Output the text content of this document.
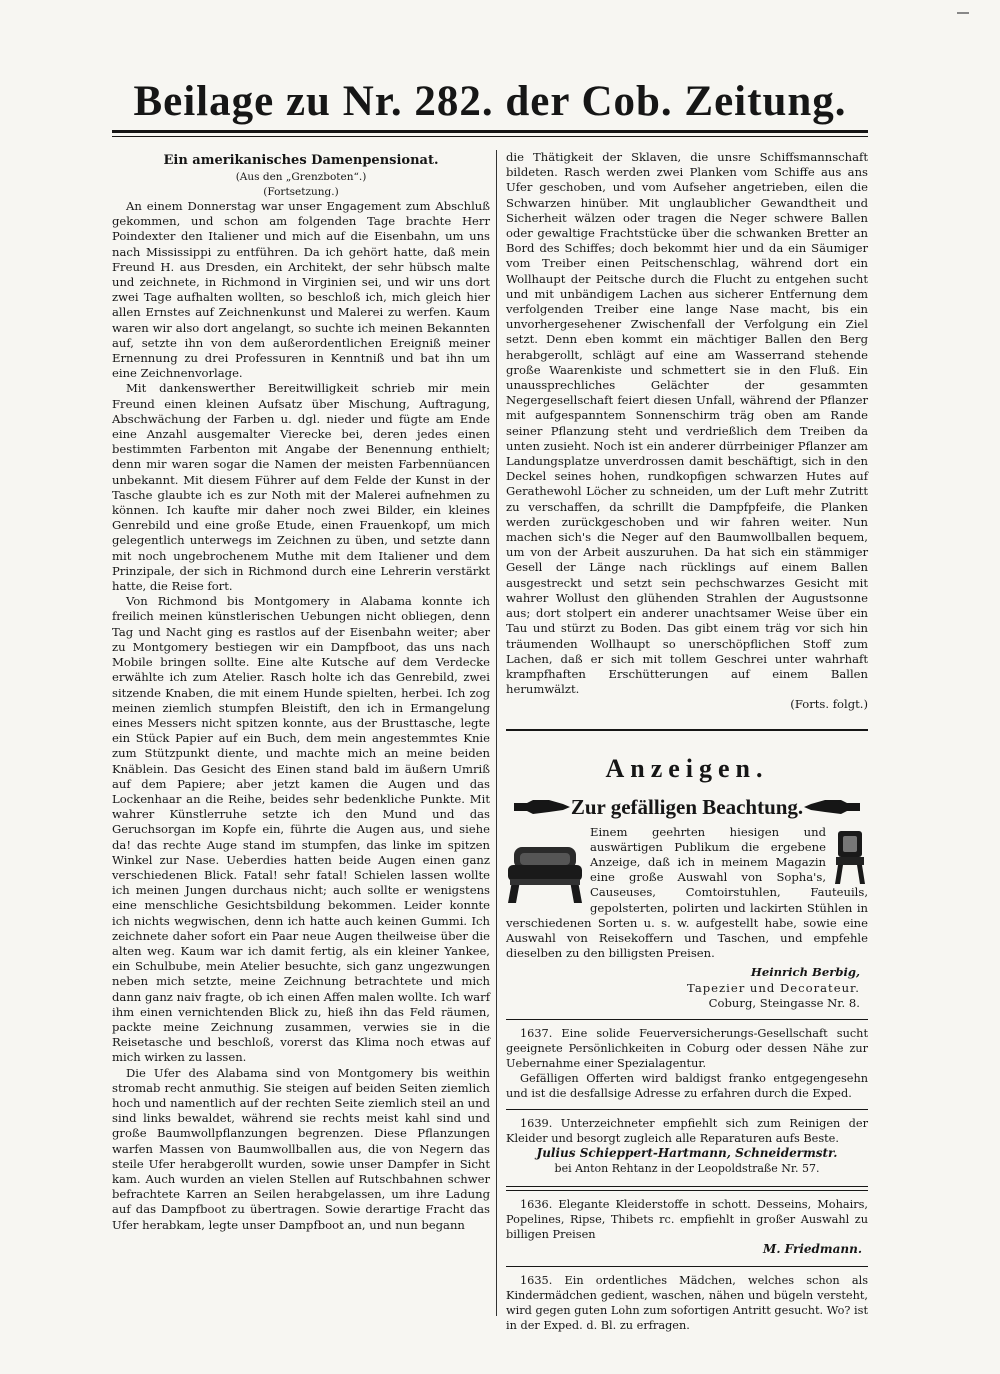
Beilage zu Nr. 282. der Cob. Zeitung.

Ein amerikanisches Damenpensionat.

(Aus den „Grenzboten“.)

(Fortsetzung.)

An einem Donnerstag war unser Engagement zum Abschluß gekommen, und schon am folgenden Tage brachte Herr Poindexter den Italiener und mich auf die Eisenbahn, um uns nach Mississippi zu entführen. Da ich gehört hatte, daß mein Freund H. aus Dresden, ein Architekt, der sehr hübsch malte und zeichnete, in Richmond in Virginien sei, und wir uns dort zwei Tage aufhalten wollten, so beschloß ich, mich gleich hier allen Ernstes auf Zeichnenkunst und Malerei zu werfen. Kaum waren wir also dort angelangt, so suchte ich meinen Bekannten auf, setzte ihn von dem außerordentlichen Ereigniß meiner Ernennung zu drei Professuren in Kenntniß und bat ihn um eine Zeichnenvorlage.

Mit dankenswerther Bereitwilligkeit schrieb mir mein Freund einen kleinen Aufsatz über Mischung, Auftragung, Abschwächung der Farben u. dgl. nieder und fügte am Ende eine Anzahl ausgemalter Vierecke bei, deren jedes einen bestimmten Farbenton mit Angabe der Benennung enthielt; denn mir waren sogar die Namen der meisten Farbennüancen unbekannt. Mit diesem Führer auf dem Felde der Kunst in der Tasche glaubte ich es zur Noth mit der Malerei aufnehmen zu können. Ich kaufte mir daher noch zwei Bilder, ein kleines Genrebild und eine große Etude, einen Frauenkopf, um mich gelegentlich unterwegs im Zeichnen zu üben, und setzte dann mit noch ungebrochenem Muthe mit dem Italiener und dem Prinzipale, der sich in Richmond durch eine Lehrerin verstärkt hatte, die Reise fort.

Von Richmond bis Montgomery in Alabama konnte ich freilich meinen künstlerischen Uebungen nicht obliegen, denn Tag und Nacht ging es rastlos auf der Eisenbahn weiter; aber zu Montgomery bestiegen wir ein Dampfboot, das uns nach Mobile bringen sollte. Eine alte Kutsche auf dem Verdecke erwählte ich zum Atelier. Rasch holte ich das Genrebild, zwei sitzende Knaben, die mit einem Hunde spielten, herbei. Ich zog meinen ziemlich stumpfen Bleistift, den ich in Ermangelung eines Messers nicht spitzen konnte, aus der Brusttasche, legte ein Stück Papier auf ein Buch, dem mein angestemmtes Knie zum Stützpunkt diente, und machte mich an meine beiden Knäblein. Das Gesicht des Einen stand bald im äußern Umriß auf dem Papiere; aber jetzt kamen die Augen und das Lockenhaar an die Reihe, beides sehr bedenkliche Punkte. Mit wahrer Künstlerruhe setzte ich den Mund und das Geruchsorgan im Kopfe ein, führte die Augen aus, und siehe da! das rechte Auge stand im stumpfen, das linke im spitzen Winkel zur Nase. Ueberdies hatten beide Augen einen ganz verschiedenen Blick. Fatal! sehr fatal! Schielen lassen wollte ich meinen Jungen durchaus nicht; auch sollte er wenigstens eine menschliche Gesichtsbildung bekommen. Leider konnte ich nichts wegwischen, denn ich hatte auch keinen Gummi. Ich zeichnete daher sofort ein Paar neue Augen theilweise über die alten weg. Kaum war ich damit fertig, als ein kleiner Yankee, ein Schulbube, mein Atelier besuchte, sich ganz ungezwungen neben mich setzte, meine Zeichnung betrachtete und mich dann ganz naiv fragte, ob ich einen Affen malen wollte. Ich warf ihm einen vernichtenden Blick zu, hieß ihn das Feld räumen, packte meine Zeichnung zusammen, verwies sie in die Reisetasche und beschloß, vorerst das Klima noch etwas auf mich wirken zu lassen.

Die Ufer des Alabama sind von Montgomery bis weithin stromab recht anmuthig. Sie steigen auf beiden Seiten ziemlich hoch und namentlich auf der rechten Seite ziemlich steil an und sind links bewaldet, während sie rechts meist kahl sind und große Baumwollpflanzungen begrenzen. Diese Pflanzungen warfen Massen von Baumwollballen aus, die von Negern das steile Ufer herabgerollt wurden, sowie unser Dampfer in Sicht kam. Auch wurden an vielen Stellen auf Rutschbahnen schwer befrachtete Karren an Seilen herabgelassen, um ihre Ladung auf das Dampfboot zu übertragen. Sowie derartige Fracht das Ufer herabkam, legte unser Dampfboot an, und nun begann

die Thätigkeit der Sklaven, die unsre Schiffsmannschaft bildeten. Rasch werden zwei Planken vom Schiffe aus ans Ufer geschoben, und vom Aufseher angetrieben, eilen die Schwarzen hinüber. Mit unglaublicher Gewandtheit und Sicherheit wälzen oder tragen die Neger schwere Ballen oder gewaltige Frachtstücke über die schwanken Bretter an Bord des Schiffes; doch bekommt hier und da ein Säumiger vom Treiber einen Peitschenschlag, während dort ein Wollhaupt der Peitsche durch die Flucht zu entgehen sucht und mit unbändigem Lachen aus sicherer Entfernung dem verfolgenden Treiber eine lange Nase macht, bis ein unvorhergesehener Zwischenfall der Verfolgung ein Ziel setzt. Denn eben kommt ein mächtiger Ballen den Berg herabgerollt, schlägt auf eine am Wasserrand stehende große Waarenkiste und schmettert sie in den Fluß. Ein unaussprechliches Gelächter der gesammten Negergesellschaft feiert diesen Unfall, während der Pflanzer mit aufgespanntem Sonnenschirm träg oben am Rande seiner Pflanzung steht und verdrießlich dem Treiben da unten zusieht. Noch ist ein anderer dürrbeiniger Pflanzer am Landungsplatze unverdrossen damit beschäftigt, sich in den Deckel seines hohen, rundkopfigen schwarzen Hutes auf Gerathewohl Löcher zu schneiden, um der Luft mehr Zutritt zu verschaffen, da schrillt die Dampfpfeife, die Planken werden zurückgeschoben und wir fahren weiter. Nun machen sich's die Neger auf den Baumwollballen bequem, um von der Arbeit auszuruhen. Da hat sich ein stämmiger Gesell der Länge nach rücklings auf einem Ballen ausgestreckt und setzt sein pechschwarzes Gesicht mit wahrer Wollust den glühenden Strahlen der Augustsonne aus; dort stolpert ein anderer unachtsamer Weise über ein Tau und stürzt zu Boden. Das gibt einem träg vor sich hin träumenden Wollhaupt so unerschöpflichen Stoff zum Lachen, daß er sich mit tollem Geschrei unter wahrhaft krampfhaften Erschütterungen auf einem Ballen herumwälzt.

(Forts. folgt.)

Anzeigen.
Zur gefälligen Beachtung.

Einem geehrten hiesigen und auswärtigen Publikum die ergebene Anzeige, daß ich in meinem Magazin eine große Auswahl von Sopha's, Causeuses, Comtoirstuhlen, Fauteuils, gepolsterten, polirten und lackirten Stühlen in verschiedenen Sorten u. s. w. aufgestellt habe, sowie eine Auswahl von Reisekoffern und Taschen, und empfehle dieselben zu den billigsten Preisen.

Heinrich Berbig,

Tapezier und Decorateur.

Coburg, Steingasse Nr. 8.

1637. Eine solide Feuerversicherungs-Gesellschaft sucht geeignete Persönlichkeiten in Coburg oder dessen Nähe zur Uebernahme einer Spezialagentur.

Gefälligen Offerten wird baldigst franko entgegengesehn und ist die desfallsige Adresse zu erfahren durch die Exped.

1639. Unterzeichneter empfiehlt sich zum Reinigen der Kleider und besorgt zugleich alle Reparaturen aufs Beste.

Julius Schieppert-Hartmann, Schneidermstr.

bei Anton Rehtanz in der Leopoldstraße Nr. 57.

1636. Elegante Kleiderstoffe in schott. Desseins, Mohairs, Popelines, Ripse, Thibets rc. empfiehlt in großer Auswahl zu billigen Preisen

M. Friedmann.

1635. Ein ordentliches Mädchen, welches schon als Kindermädchen gedient, waschen, nähen und bügeln versteht, wird gegen guten Lohn zum sofortigen Antritt gesucht. Wo? ist in der Exped. d. Bl. zu erfragen.
